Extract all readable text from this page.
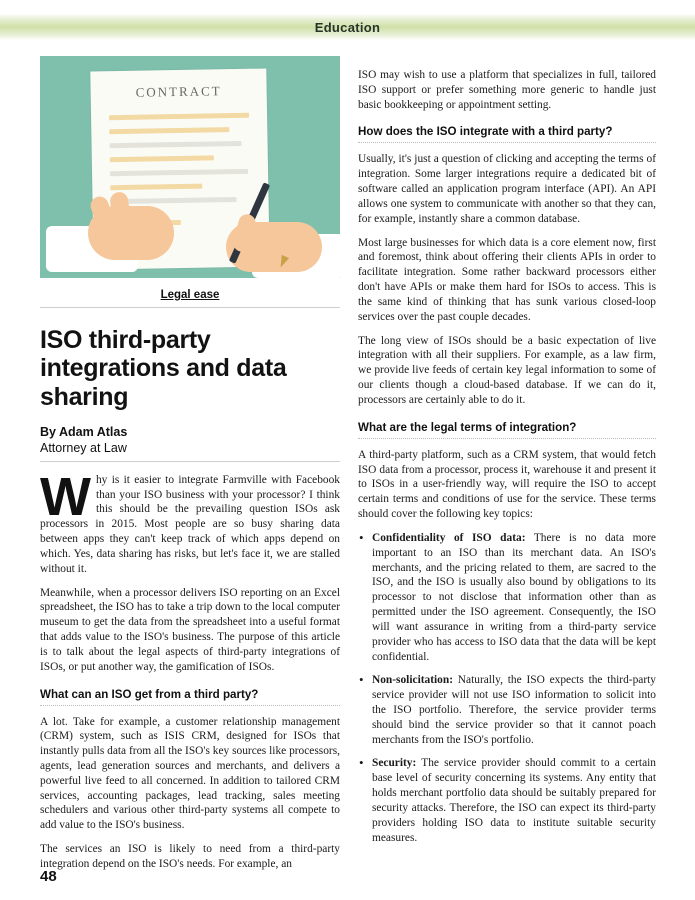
Education
CONTRACT
Legal ease
ISO third-party integrations and data sharing
By Adam Atlas
Attorney at Law

Why is it easier to integrate Farmville with Facebook than your ISO business with your processor? I think this should be the prevailing question ISOs ask processors in 2015. Most people are so busy sharing data between apps they can't keep track of which apps depend on which. Yes, data sharing has risks, but let's face it, we are stalled without it.

Meanwhile, when a processor delivers ISO reporting on an Excel spreadsheet, the ISO has to take a trip down to the local computer museum to get the data from the spreadsheet into a useful format that adds value to the ISO's business. The purpose of this article is to talk about the legal aspects of third-party integrations of ISOs, or put another way, the gamification of ISOs.

What can an ISO get from a third party?

A lot. Take for example, a customer relationship management (CRM) system, such as ISIS CRM, designed for ISOs that instantly pulls data from all the ISO's key sources like processors, agents, lead generation sources and merchants, and delivers a powerful live feed to all concerned. In addition to tailored CRM services, accounting packages, lead tracking, sales meeting schedulers and various other third-party systems all compete to add value to the ISO's business.

The services an ISO is likely to need from a third-party integration depend on the ISO's needs. For example, an

ISO may wish to use a platform that specializes in full, tailored ISO support or prefer something more generic to handle just basic bookkeeping or appointment setting.

How does the ISO integrate with a third party?

Usually, it's just a question of clicking and accepting the terms of integration. Some larger integrations require a dedicated bit of software called an application program interface (API). An API allows one system to communicate with another so that they can, for example, instantly share a common database.

Most large businesses for which data is a core element now, first and foremost, think about offering their clients APIs in order to facilitate integration. Some rather backward processors either don't have APIs or make them hard for ISOs to access. This is the same kind of thinking that has sunk various closed-loop services over the past couple decades.

The long view of ISOs should be a basic expectation of live integration with all their suppliers. For example, as a law firm, we provide live feeds of certain key legal information to some of our clients though a cloud-based database. If we can do it, processors are certainly able to do it.

What are the legal terms of integration?

A third-party platform, such as a CRM system, that would fetch ISO data from a processor, process it, warehouse it and present it to ISOs in a user-friendly way, will require the ISO to accept certain terms and conditions of use for the service. These terms should cover the following key topics:

• Confidentiality of ISO data: There is no data more important to an ISO than its merchant data. An ISO's merchants, and the pricing related to them, are sacred to the ISO, and the ISO is usually also bound by obligations to its processor to not disclose that information other than as permitted under the ISO agreement. Consequently, the ISO will want assurance in writing from a third-party service provider who has access to ISO data that the data will be kept confidential.
• Non-solicitation: Naturally, the ISO expects the third-party service provider will not use ISO information to solicit into the ISO portfolio. Therefore, the service provider terms should bind the service provider so that it cannot poach merchants from the ISO's portfolio.
• Security: The service provider should commit to a certain base level of security concerning its systems. Any entity that holds merchant portfolio data should be suitably prepared for security attacks. Therefore, the ISO can expect its third-party providers holding ISO data to institute suitable security measures.
48
